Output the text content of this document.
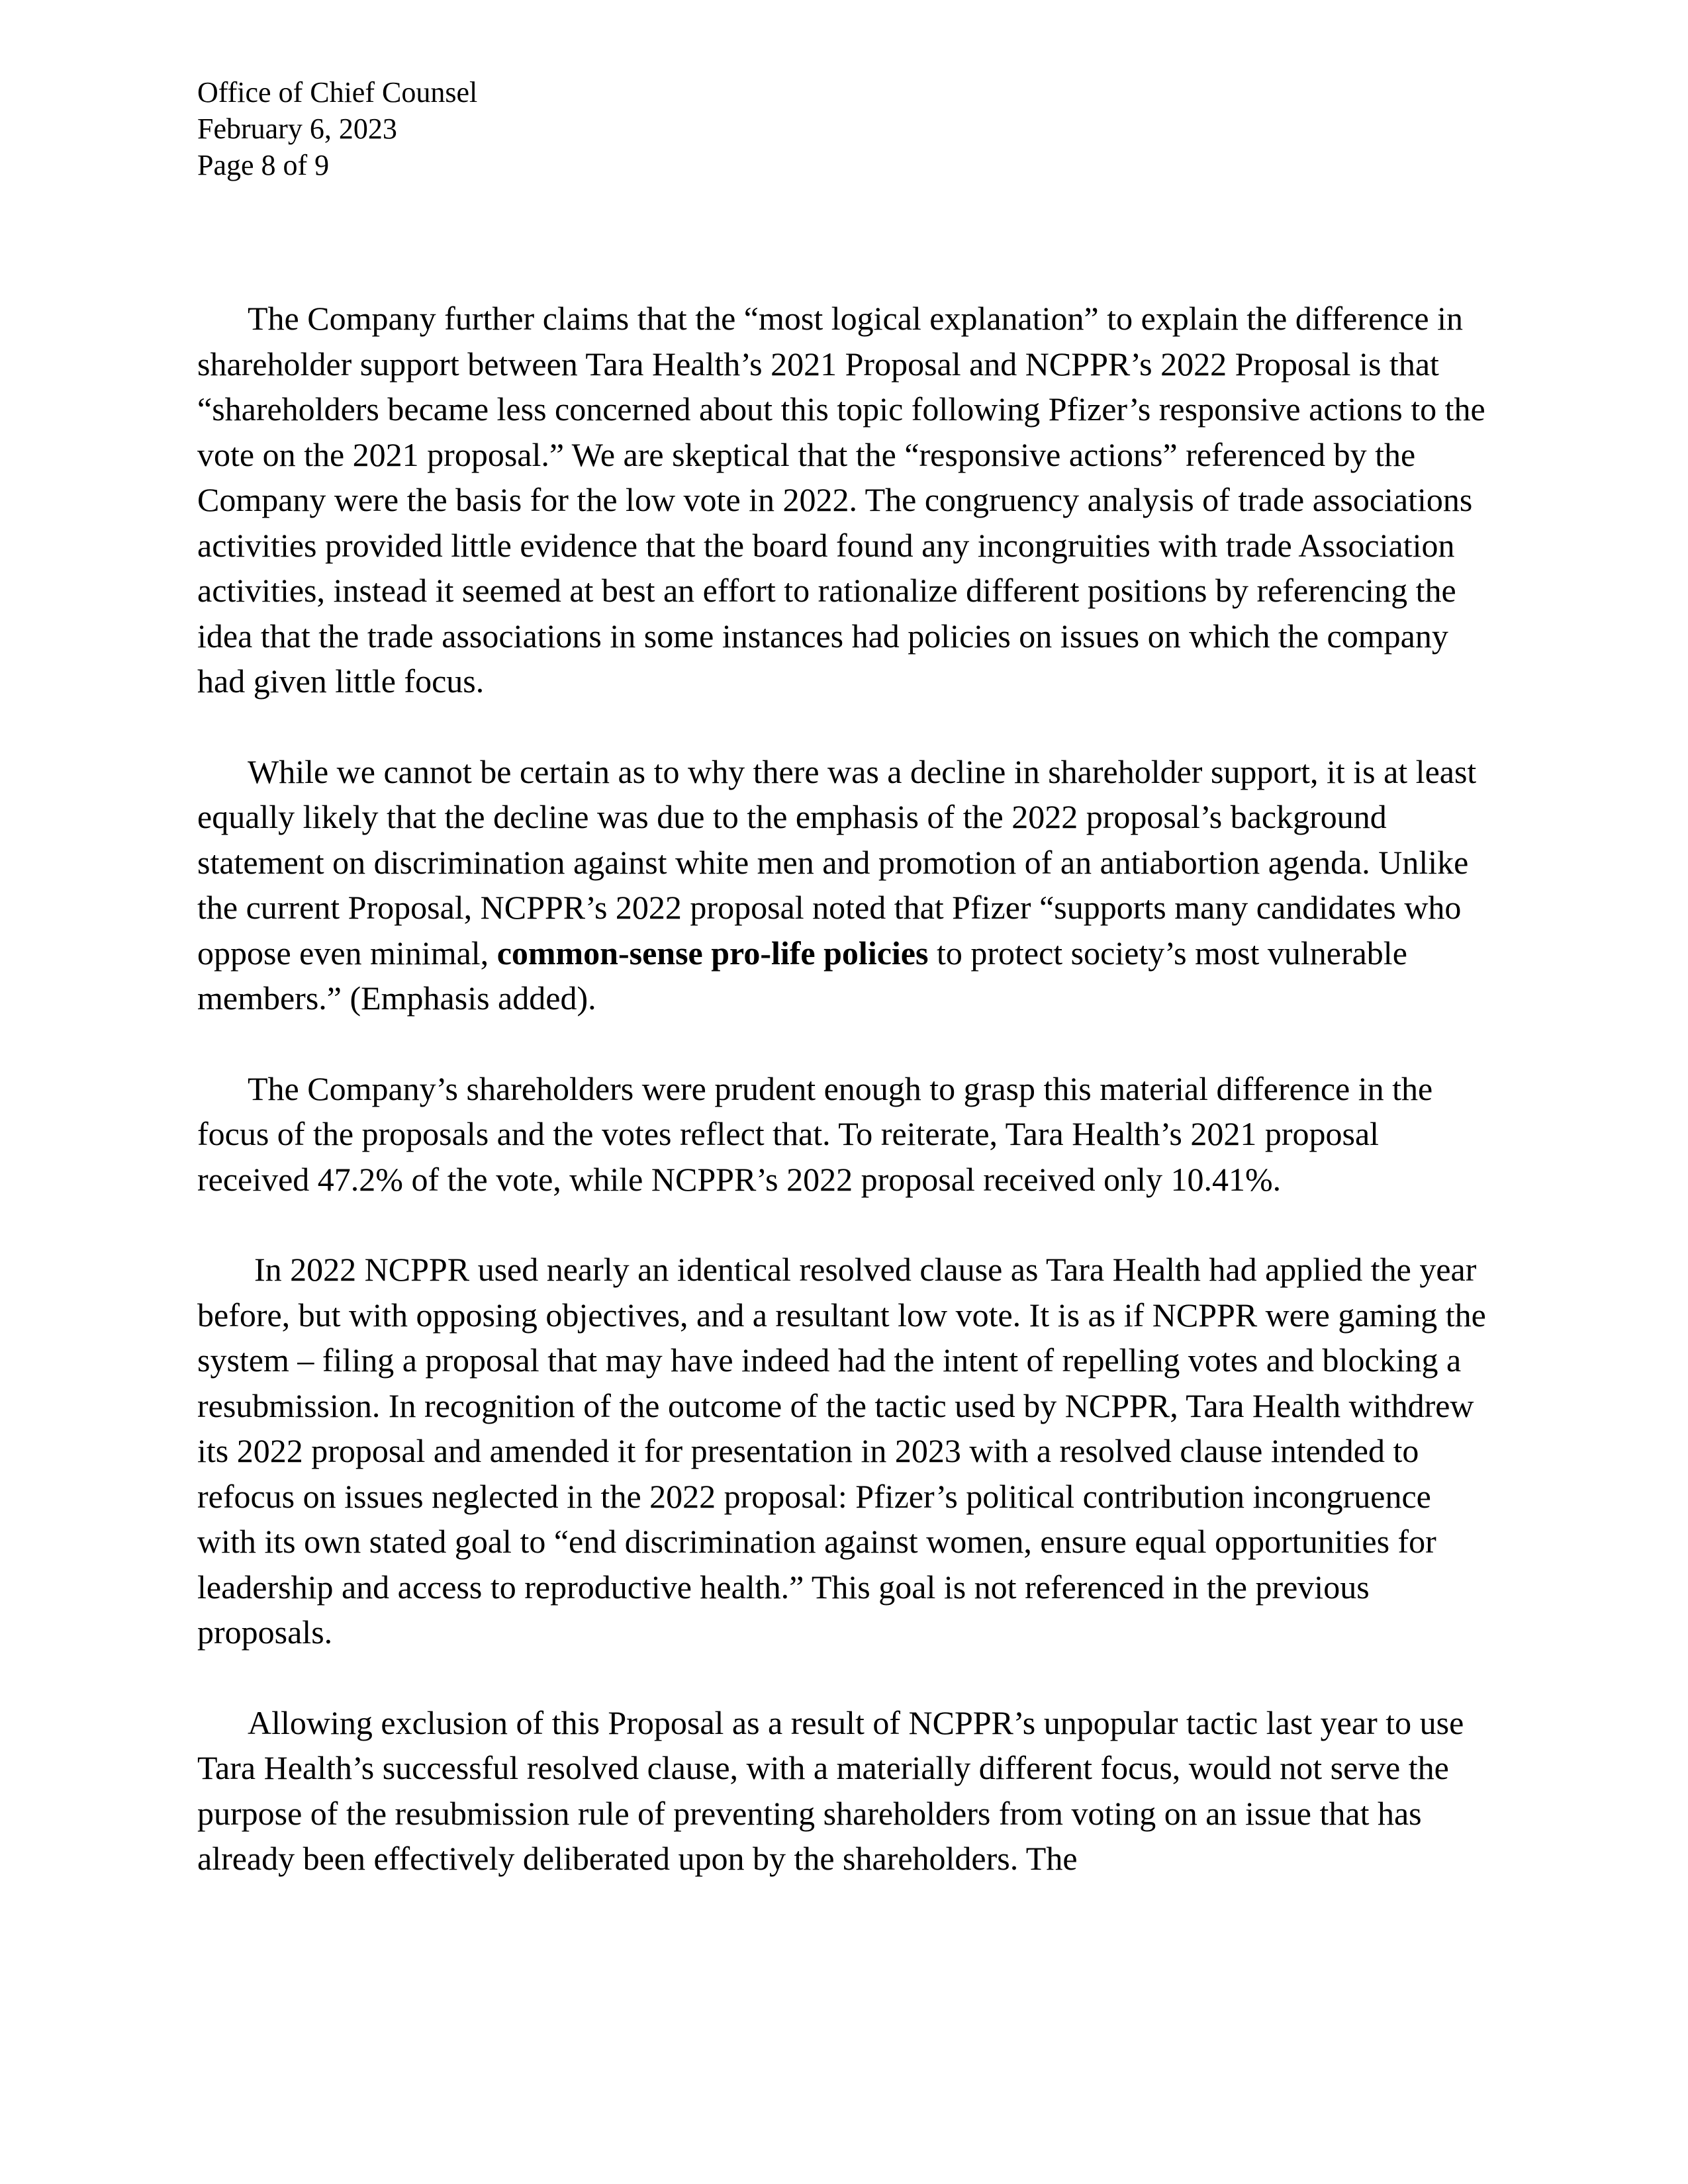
Office of Chief Counsel
February 6, 2023
Page 8 of 9

The Company further claims that the “most logical explanation” to explain the difference in shareholder support between Tara Health’s 2021 Proposal and NCPPR’s 2022 Proposal is that “shareholders became less concerned about this topic following Pfizer’s responsive actions to the vote on the 2021 proposal.” We are skeptical that the “responsive actions” referenced by the Company were the basis for the low vote in 2022. The congruency analysis of trade associations activities provided little evidence that the board found any incongruities with trade Association activities, instead it seemed at best an effort to rationalize different positions by referencing the idea that the trade associations in some instances had policies on issues on which the company had given little focus.

While we cannot be certain as to why there was a decline in shareholder support, it is at least equally likely that the decline was due to the emphasis of the 2022 proposal’s background statement on discrimination against white men and promotion of an antiabortion agenda. Unlike the current Proposal, NCPPR’s 2022 proposal noted that Pfizer “supports many candidates who oppose even minimal, common-sense pro-life policies to protect society’s most vulnerable members.” (Emphasis added).

The Company’s shareholders were prudent enough to grasp this material difference in the focus of the proposals and the votes reflect that. To reiterate, Tara Health’s 2021 proposal received 47.2% of the vote, while NCPPR’s 2022 proposal received only 10.41%.

In 2022 NCPPR used nearly an identical resolved clause as Tara Health had applied the year before, but with opposing objectives, and a resultant low vote. It is as if NCPPR were gaming the system – filing a proposal that may have indeed had the intent of repelling votes and blocking a resubmission. In recognition of the outcome of the tactic used by NCPPR, Tara Health withdrew its 2022 proposal and amended it for presentation in 2023 with a resolved clause intended to refocus on issues neglected in the 2022 proposal: Pfizer’s political contribution incongruence with its own stated goal to “end discrimination against women, ensure equal opportunities for leadership and access to reproductive health.” This goal is not referenced in the previous proposals.

Allowing exclusion of this Proposal as a result of NCPPR’s unpopular tactic last year to use Tara Health’s successful resolved clause, with a materially different focus, would not serve the purpose of the resubmission rule of preventing shareholders from voting on an issue that has already been effectively deliberated upon by the shareholders. The
